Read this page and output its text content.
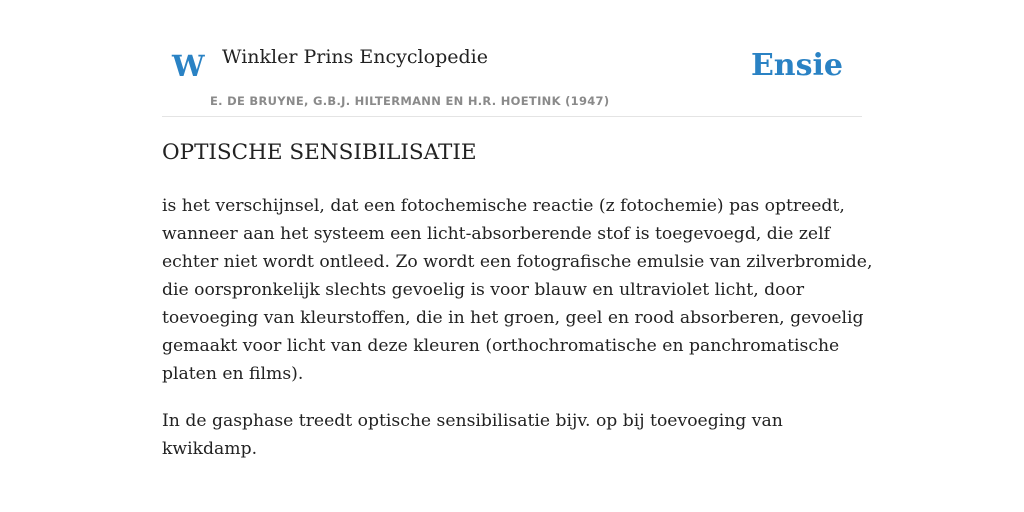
W Winkler Prins Encyclopedie
E. DE BRUYNE, G.B.J. HILTERMANN EN H.R. HOETINK (1947)
Ensie
OPTISCHE SENSIBILISATIE

is het verschijnsel, dat een fotochemische reactie (z fotochemie) pas optreedt, wanneer aan het systeem een licht-absorberende stof is toegevoegd, die zelf echter niet wordt ontleed. Zo wordt een fotografische emulsie van zilverbromide, die oorspronkelijk slechts gevoelig is voor blauw en ultraviolet licht, door toevoeging van kleurstoffen, die in het groen, geel en rood absorberen, gevoelig gemaakt voor licht van deze kleuren (orthochromatische en panchromatische platen en films).

In de gasphase treedt optische sensibilisatie bijv. op bij toevoeging van kwikdamp.
